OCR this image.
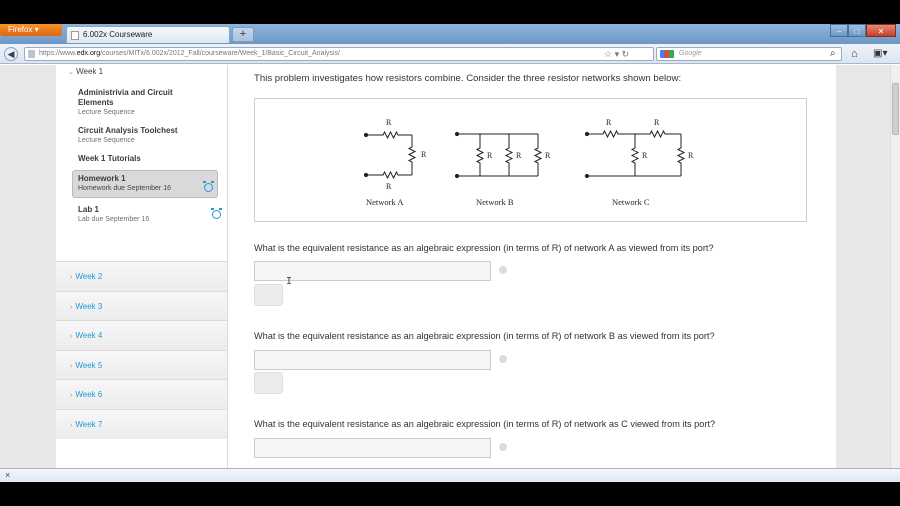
Firefox ▾
6.002x Courseware	+	–	□	✕
◀	https://www.edx.org/courses/MITx/6.002x/2012_Fall/courseware/Week_1/Basic_Circuit_Analysis/	☆ ▾ ↻	Google	⌕ ⌂ ▣▾
⌄ Week 1
Administrivia and Circuit Elements
Lecture Sequence
Circuit Analysis Toolchest
Lecture Sequence
Week 1 Tutorials
Homework 1
Homework due September 16
Lab 1
Lab due September 16
› Week 2
› Week 3
› Week 4
› Week 5
› Week 6
› Week 7
This problem investigates how resistors combine. Consider the three resistor networks shown below:
R
R
R
R	R	R
R	R
R	R
Network A	Network B	Network C
What is the equivalent resistance as an algebraic expression (in terms of R) of network A as viewed from its port?
I
What is the equivalent resistance as an algebraic expression (in terms of R) of network B as viewed from its port?
What is the equivalent resistance as an algebraic expression (in terms of R) of network as C viewed from its port?
×
